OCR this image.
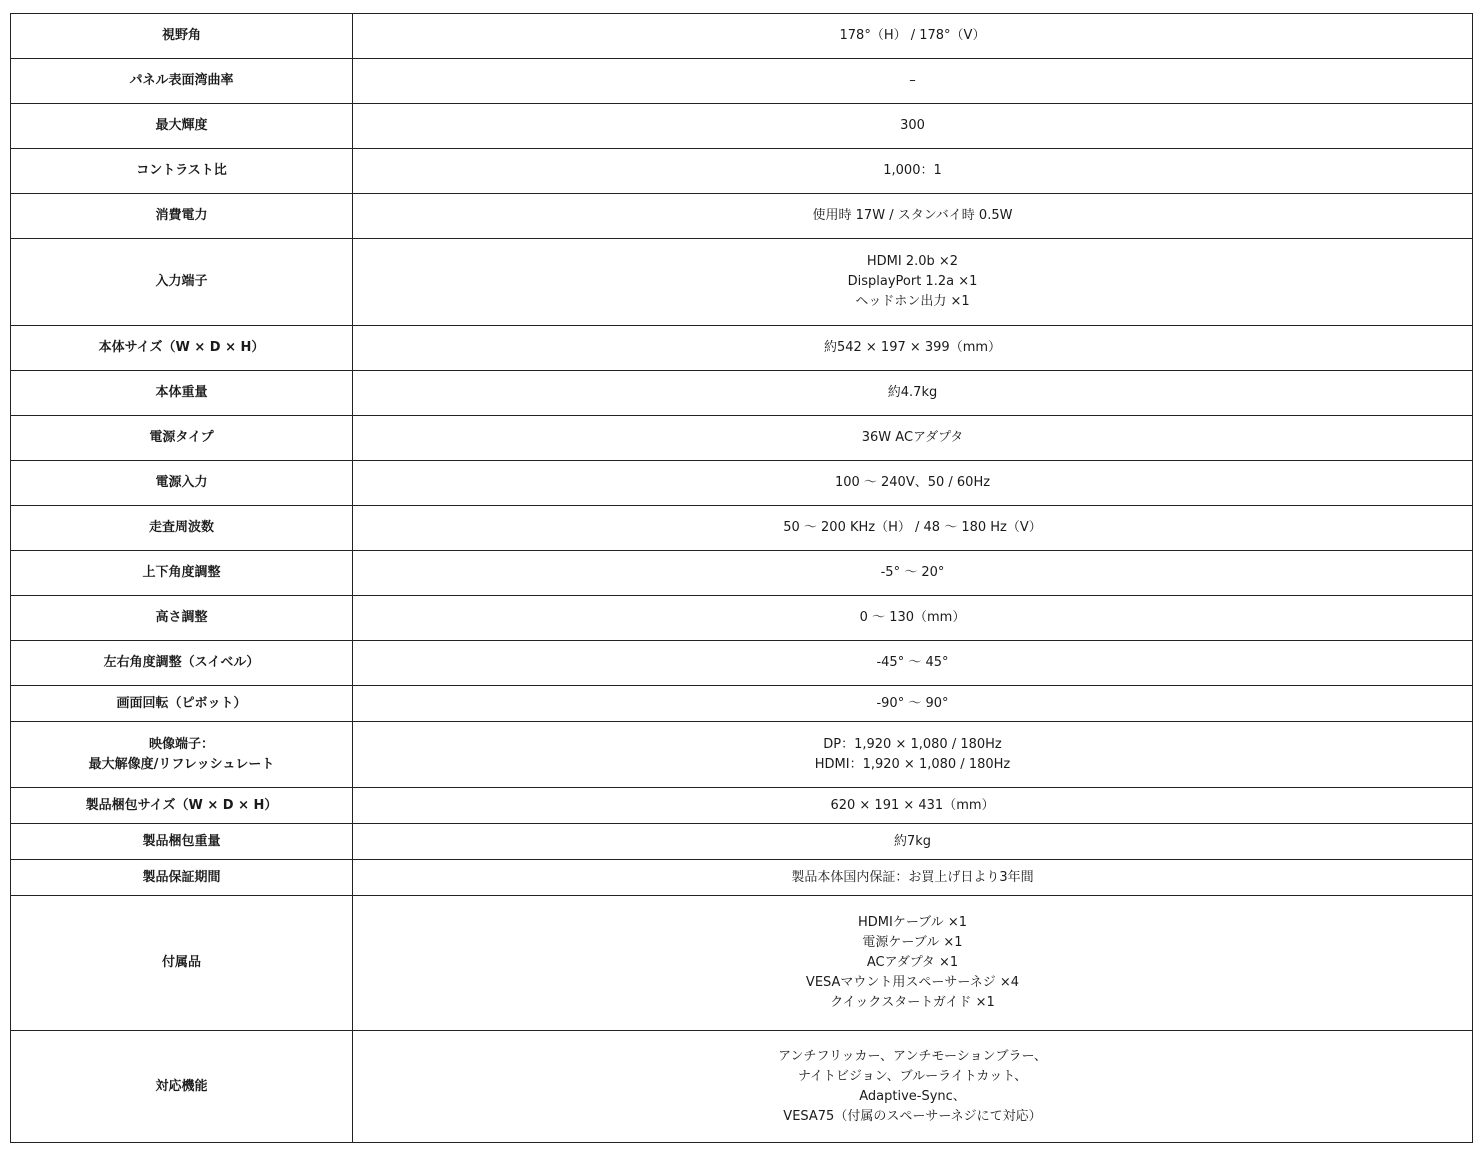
視野角	178°（H） / 178°（V）

パネル表面湾曲率	–

最大輝度	300

コントラスト比	1,000：1

消費電力	使用時 17W / スタンバイ時 0.5W

入力端子	HDMI 2.0b ×2
DisplayPort 1.2a ×1
ヘッドホン出力 ×1

本体サイズ（W × D × H）	約542 × 197 × 399（mm）

本体重量	約4.7kg

電源タイプ	36W ACアダプタ

電源入力	100 ～ 240V、50 / 60Hz

走査周波数	50 ～ 200 KHz（H） / 48 ～ 180 Hz（V）

上下角度調整	-5° ～ 20°

高さ調整	0 ～ 130（mm）

左右角度調整（スイベル）	-45° ～ 45°

画面回転（ピボット）	-90° ～ 90°

映像端子：
最大解像度/リフレッシュレート	DP：1,920 × 1,080 / 180Hz
HDMI：1,920 × 1,080 / 180Hz

製品梱包サイズ（W × D × H）	620 × 191 × 431（mm）

製品梱包重量	約7kg

製品保証期間	製品本体国内保証：お買上げ日より3年間

付属品	HDMIケーブル ×1
電源ケーブル ×1
ACアダプタ ×1
VESAマウント用スペーサーネジ ×4
クイックスタートガイド ×1

対応機能	アンチフリッカー、アンチモーションブラー、
ナイトビジョン、ブルーライトカット、
Adaptive-Sync、
VESA75（付属のスペーサーネジにて対応）
